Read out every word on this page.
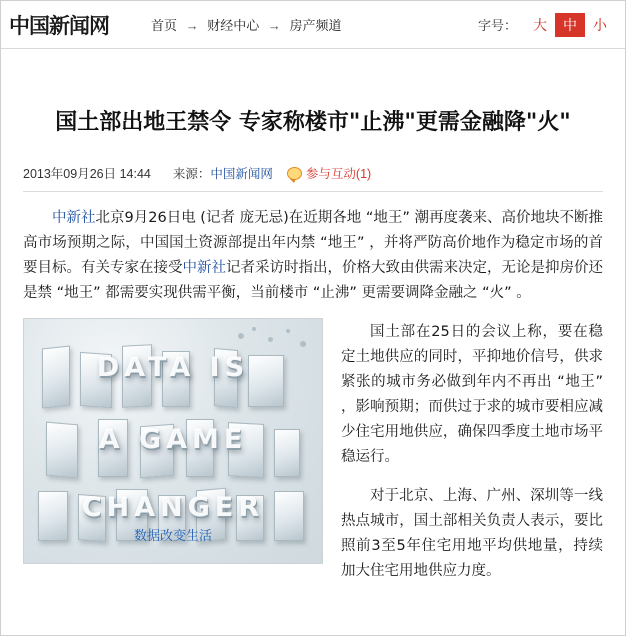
中国新闻网	首页 → 财经中心 → 房产频道	字号：	大	中	小
国土部出地王禁令 专家称楼市"止沸"更需金融降"火"
2013年09月26日 14:44 来源：中国新闻网	参与互动(1)

中新社北京9月26日电 (记者 庞无忌)在近期各地 “地王” 潮再度袭来、高价地块不断推高市场预期之际，中国国土资源部提出年内禁 “地王” ，并将严防高价地作为稳定市场的首要目标。有关专家在接受中新社记者采访时指出，价格大致由供需来决定，无论是抑房价还是禁 “地王” 都需要实现供需平衡，当前楼市 “止沸” 更需要调降金融之 “火” 。

DATA IS
A GAME
CHANGER
数据改变生活

国土部在25日的会议上称，要在稳定土地供应的同时，平抑地价信号，供求紧张的城市务必做到年内不再出 “地王” ，影响预期；而供过于求的城市要相应减少住宅用地供应，确保四季度土地市场平稳运行。

对于北京、上海、广州、深圳等一线热点城市，国土部相关负责人表示，要比照前3至5年住宅用地平均供地量，持续加大住宅用地供应力度。
